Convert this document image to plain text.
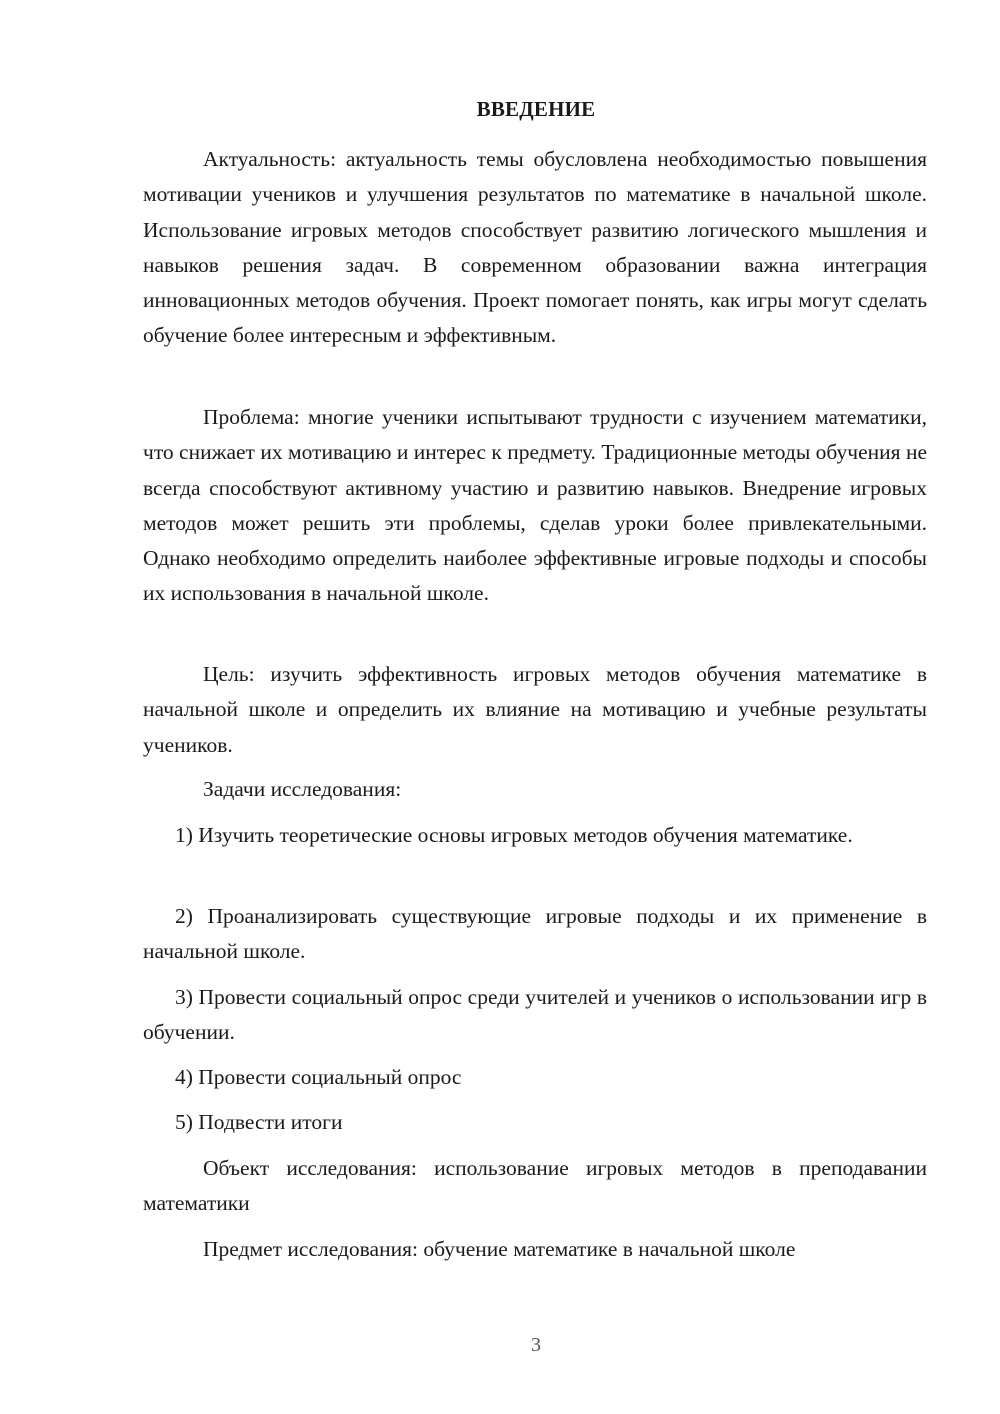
ВВЕДЕНИЕ

Актуальность: актуальность темы обусловлена необходимостью повышения мотивации учеников и улучшения результатов по математике в начальной школе. Использование игровых методов способствует развитию логического мышления и навыков решения задач. В современном образовании важна интеграция инновационных методов обучения. Проект помогает понять, как игры могут сделать обучение более интересным и эффективным.

Проблема: многие ученики испытывают трудности с изучением математики, что снижает их мотивацию и интерес к предмету. Традиционные методы обучения не всегда способствуют активному участию и развитию навыков. Внедрение игровых методов может решить эти проблемы, сделав уроки более привлекательными. Однако необходимо определить наиболее эффективные игровые подходы и способы их использования в начальной школе.

Цель: изучить эффективность игровых методов обучения математике в начальной школе и определить их влияние на мотивацию и учебные результаты учеников.

Задачи исследования:

1) Изучить теоретические основы игровых методов обучения математике.

2) Проанализировать существующие игровые подходы и их применение в начальной школе.

3) Провести социальный опрос среди учителей и учеников о использовании игр в обучении.

4) Провести социальный опрос

5) Подвести итоги

Объект исследования: использование игровых методов в преподавании математики

Предмет исследования: обучение математике в начальной школе

3
